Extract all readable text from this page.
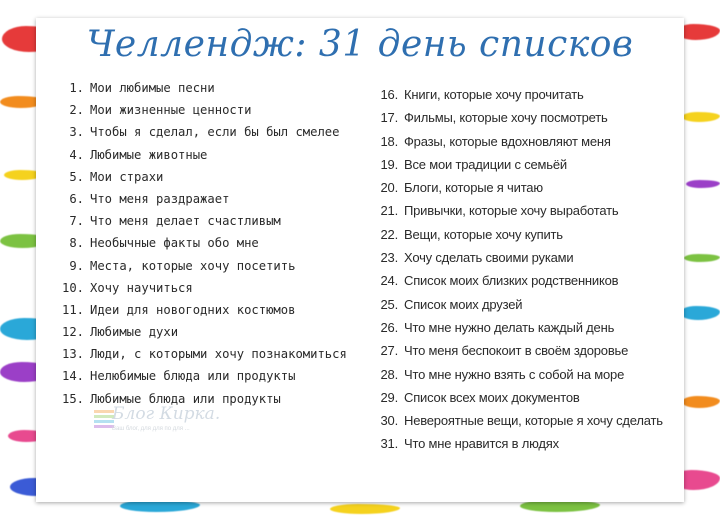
Челлендж: 31 день списков
Блог Кирка.
Ваш блог, для для по для ...
1. Мои любимые песни
2. Мои жизненные ценности
3. Чтобы я сделал, если бы был смелее
4. Любимые животные
5. Мои страхи
6. Что меня раздражает
7. Что меня делает счастливым
8. Необычные факты обо мне
9. Места, которые хочу посетить
10. Хочу научиться
11. Идеи для новогодних костюмов
12. Любимые духи
13. Люди, с которыми хочу познакомиться
14. Нелюбимые блюда или продукты
15. Любимые блюда или продукты
16. Книги, которые хочу прочитать
17. Фильмы, которые хочу посмотреть
18. Фразы, которые вдохновляют меня
19. Все мои традиции с семьёй
20. Блоги, которые я читаю
21. Привычки, которые хочу выработать
22. Вещи, которые хочу купить
23. Хочу сделать своими руками
24. Список моих близких родственников
25. Список моих друзей
26. Что мне нужно делать каждый день
27. Что меня беспокоит в своём здоровье
28. Что мне нужно взять с собой на море
29. Список всех моих документов
30. Невероятные вещи, которые я хочу сделать
31. Что мне нравится в людях
